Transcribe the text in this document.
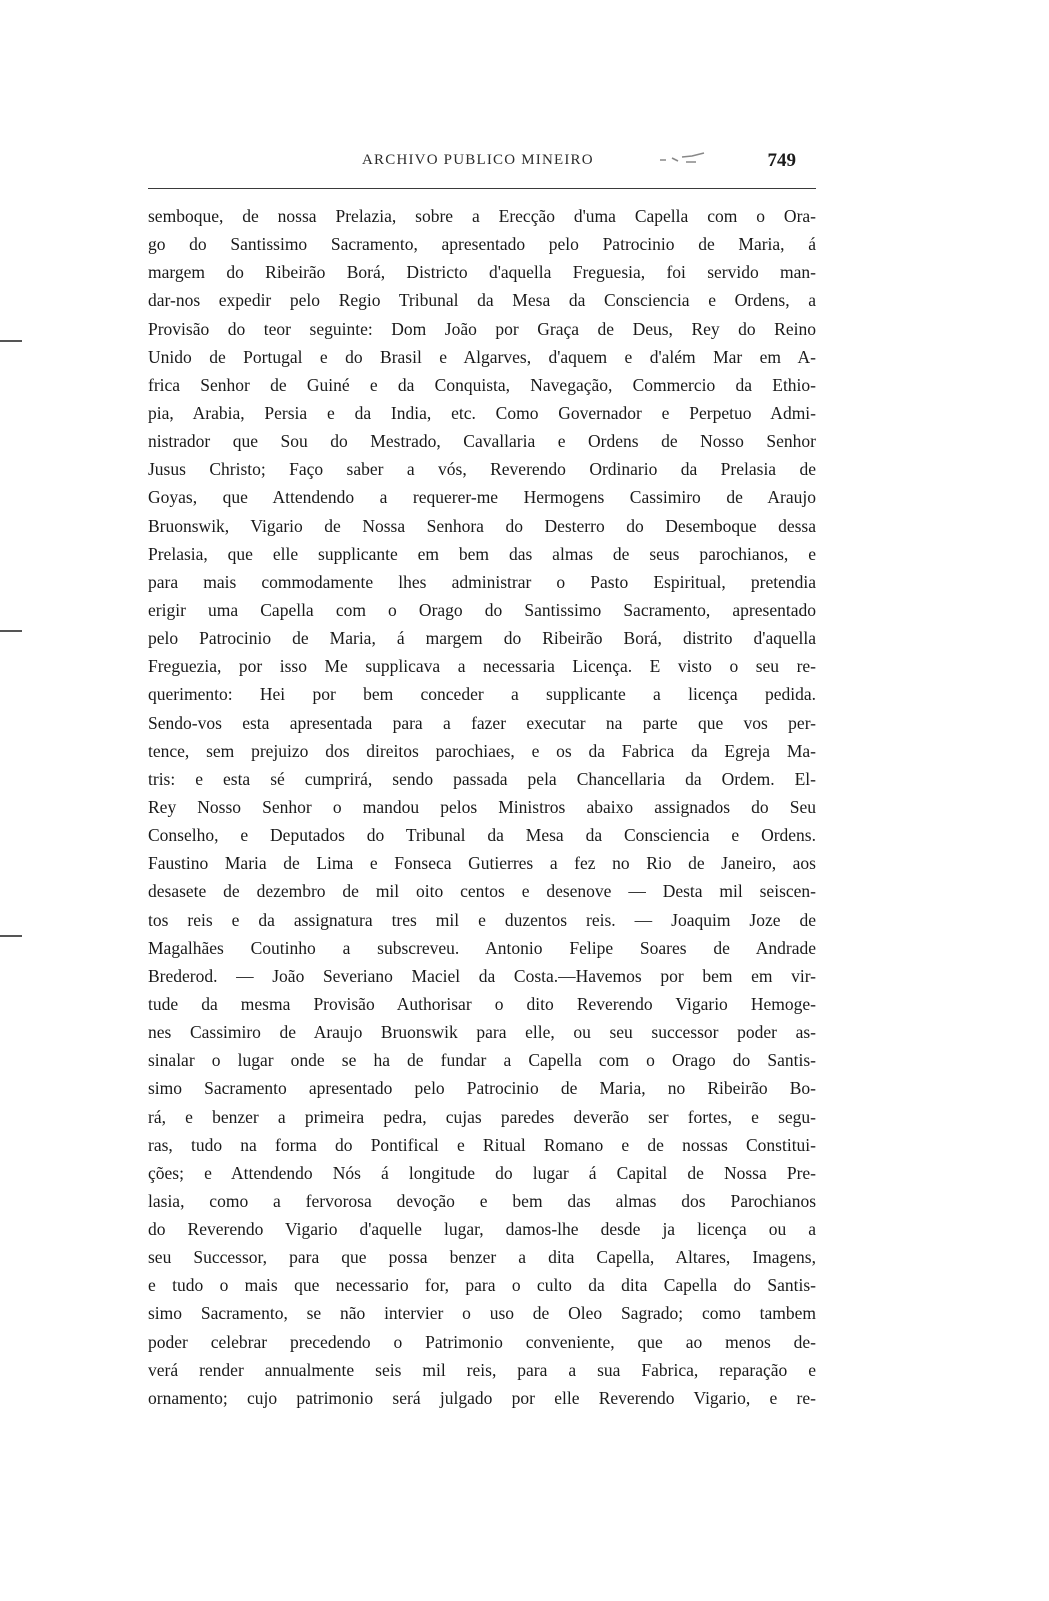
ARCHIVO PUBLICO MINEIRO	749
semboque, de nossa Prelazia, sobre a Erecção d'uma Capella com o Ora-
go do Santissimo Sacramento, apresentado pelo Patrocinio de Maria, á
margem do Ribeirão Borá, Districto d'aquella Freguesia, foi servido man-
dar-nos expedir pelo Regio Tribunal da Mesa da Consciencia e Ordens, a
Provisão do teor seguinte: Dom João por Graça de Deus, Rey do Reino
Unido de Portugal e do Brasil e Algarves, d'aquem e d'além Mar em A-
frica Senhor de Guiné e da Conquista, Navegação, Commercio da Ethio-
pia, Arabia, Persia e da India, etc. Como Governador e Perpetuo Admi-
nistrador que Sou do Mestrado, Cavallaria e Ordens de Nosso Senhor
Jusus Christo; Faço saber a vós, Reverendo Ordinario da Prelasia de
Goyas, que Attendendo a requerer-me Hermogens Cassimiro de Araujo
Bruonswik, Vigario de Nossa Senhora do Desterro do Desemboque dessa
Prelasia, que elle supplicante em bem das almas de seus parochianos, e
para mais commodamente lhes administrar o Pasto Espiritual, pretendia
erigir uma Capella com o Orago do Santissimo Sacramento, apresentado
pelo Patrocinio de Maria, á margem do Ribeirão Borá, distrito d'aquella
Freguezia, por isso Me supplicava a necessaria Licença. E visto o seu re-
querimento: Hei por bem conceder a supplicante a licença pedida.
Sendo-vos esta apresentada para a fazer executar na parte que vos per-
tence, sem prejuizo dos direitos parochiaes, e os da Fabrica da Egreja Ma-
tris: e esta sé cumprirá, sendo passada pela Chancellaria da Ordem. El-
Rey Nosso Senhor o mandou pelos Ministros abaixo assignados do Seu
Conselho, e Deputados do Tribunal da Mesa da Consciencia e Ordens.
Faustino Maria de Lima e Fonseca Gutierres a fez no Rio de Janeiro, aos
desasete de dezembro de mil oito centos e desenove — Desta mil seiscen-
tos reis e da assignatura tres mil e duzentos reis. — Joaquim Joze de
Magalhães Coutinho a subscreveu. Antonio Felipe Soares de Andrade
Brederod. — João Severiano Maciel da Costa.—Havemos por bem em vir-
tude da mesma Provisão Authorisar o dito Reverendo Vigario Hemoge-
nes Cassimiro de Araujo Bruonswik para elle, ou seu successor poder as-
sinalar o lugar onde se ha de fundar a Capella com o Orago do Santis-
simo Sacramento apresentado pelo Patrocinio de Maria, no Ribeirão Bo-
rá, e benzer a primeira pedra, cujas paredes deverão ser fortes, e segu-
ras, tudo na forma do Pontifical e Ritual Romano e de nossas Constitui-
ções; e Attendendo Nós á longitude do lugar á Capital de Nossa Pre-
lasia, como a fervorosa devoção e bem das almas dos Parochianos
do Reverendo Vigario d'aquelle lugar, damos-lhe desde ja licença ou a
seu Successor, para que possa benzer a dita Capella, Altares, Imagens,
e tudo o mais que necessario for, para o culto da dita Capella do Santis-
simo Sacramento, se não intervier o uso de Oleo Sagrado; como tambem
poder celebrar precedendo o Patrimonio conveniente, que ao menos de-
verá render annualmente seis mil reis, para a sua Fabrica, reparação e
ornamento; cujo patrimonio será julgado por elle Reverendo Vigario, e re-
